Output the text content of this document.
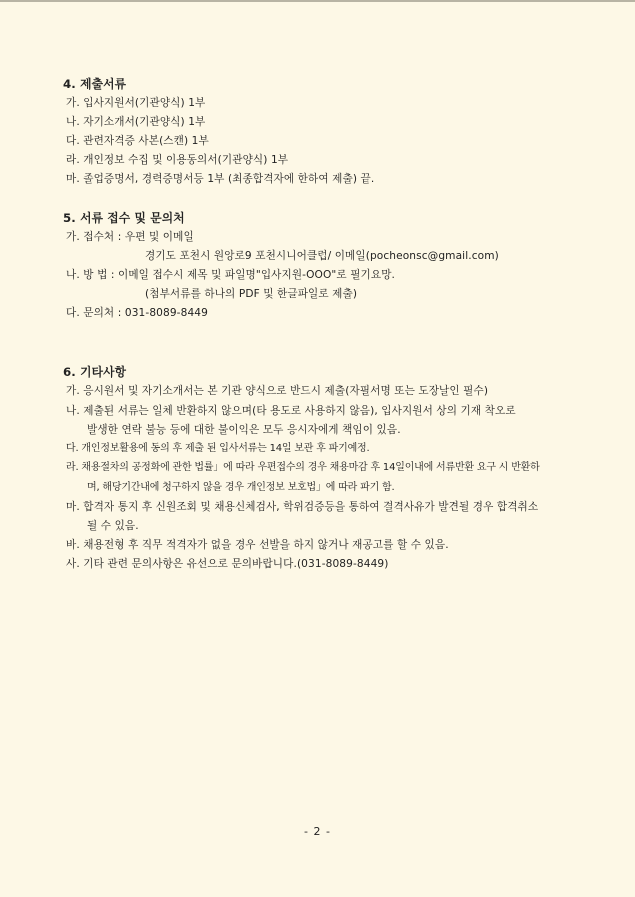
4. 제출서류
가. 입사지원서(기관양식) 1부
나. 자기소개서(기관양식) 1부
다. 관련자격증 사본(스캔) 1부
라. 개인정보 수집 및 이용동의서(기관양식) 1부
마. 졸업증명서, 경력증명서등 1부 (최종합격자에 한하여 제출) 끝.
5. 서류 접수 및 문의처
가. 접수처 : 우편 및 이메일
경기도 포천시 원앙로9 포천시니어클럽/ 이메일(pocheonsc@gmail.com)
나. 방 법 : 이메일 접수시 제목 및 파일명"입사지원-OOO"로 필기요망.
(첨부서류를 하나의 PDF 및 한글파일로 제출)
다. 문의처 : 031-8089-8449
6. 기타사항
가. 응시원서 및 자기소개서는 본 기관 양식으로 반드시 제출(자필서명 또는 도장날인 필수)
나. 제출된 서류는 일체 반환하지 않으며(타 용도로 사용하지 않음), 입사지원서 상의 기재 착오로
발생한 연락 불능 등에 대한 불이익은 모두 응시자에게 책임이 있음.
다. 개인정보활용에 동의 후 제출 된 입사서류는 14일 보관 후 파기예정.
라. 채용절차의 공정화에 관한 법률」에 따라 우편접수의 경우 채용마감 후 14일이내에 서류반환 요구 시 반환하
며, 해당기간내에 청구하지 않을 경우 개인정보 보호법」에 따라 파기 함.
마. 합격자 통지 후 신원조회 및 채용신체검사, 학위검증등을 통하여 결격사유가 발견될 경우 합격취소
될 수 있음.
바. 채용전형 후 직무 적격자가 없을 경우 선발을 하지 않거나 재공고를 할 수 있음.
사. 기타 관련 문의사항은 유선으로 문의바랍니다.(031-8089-8449)
- 2 -
